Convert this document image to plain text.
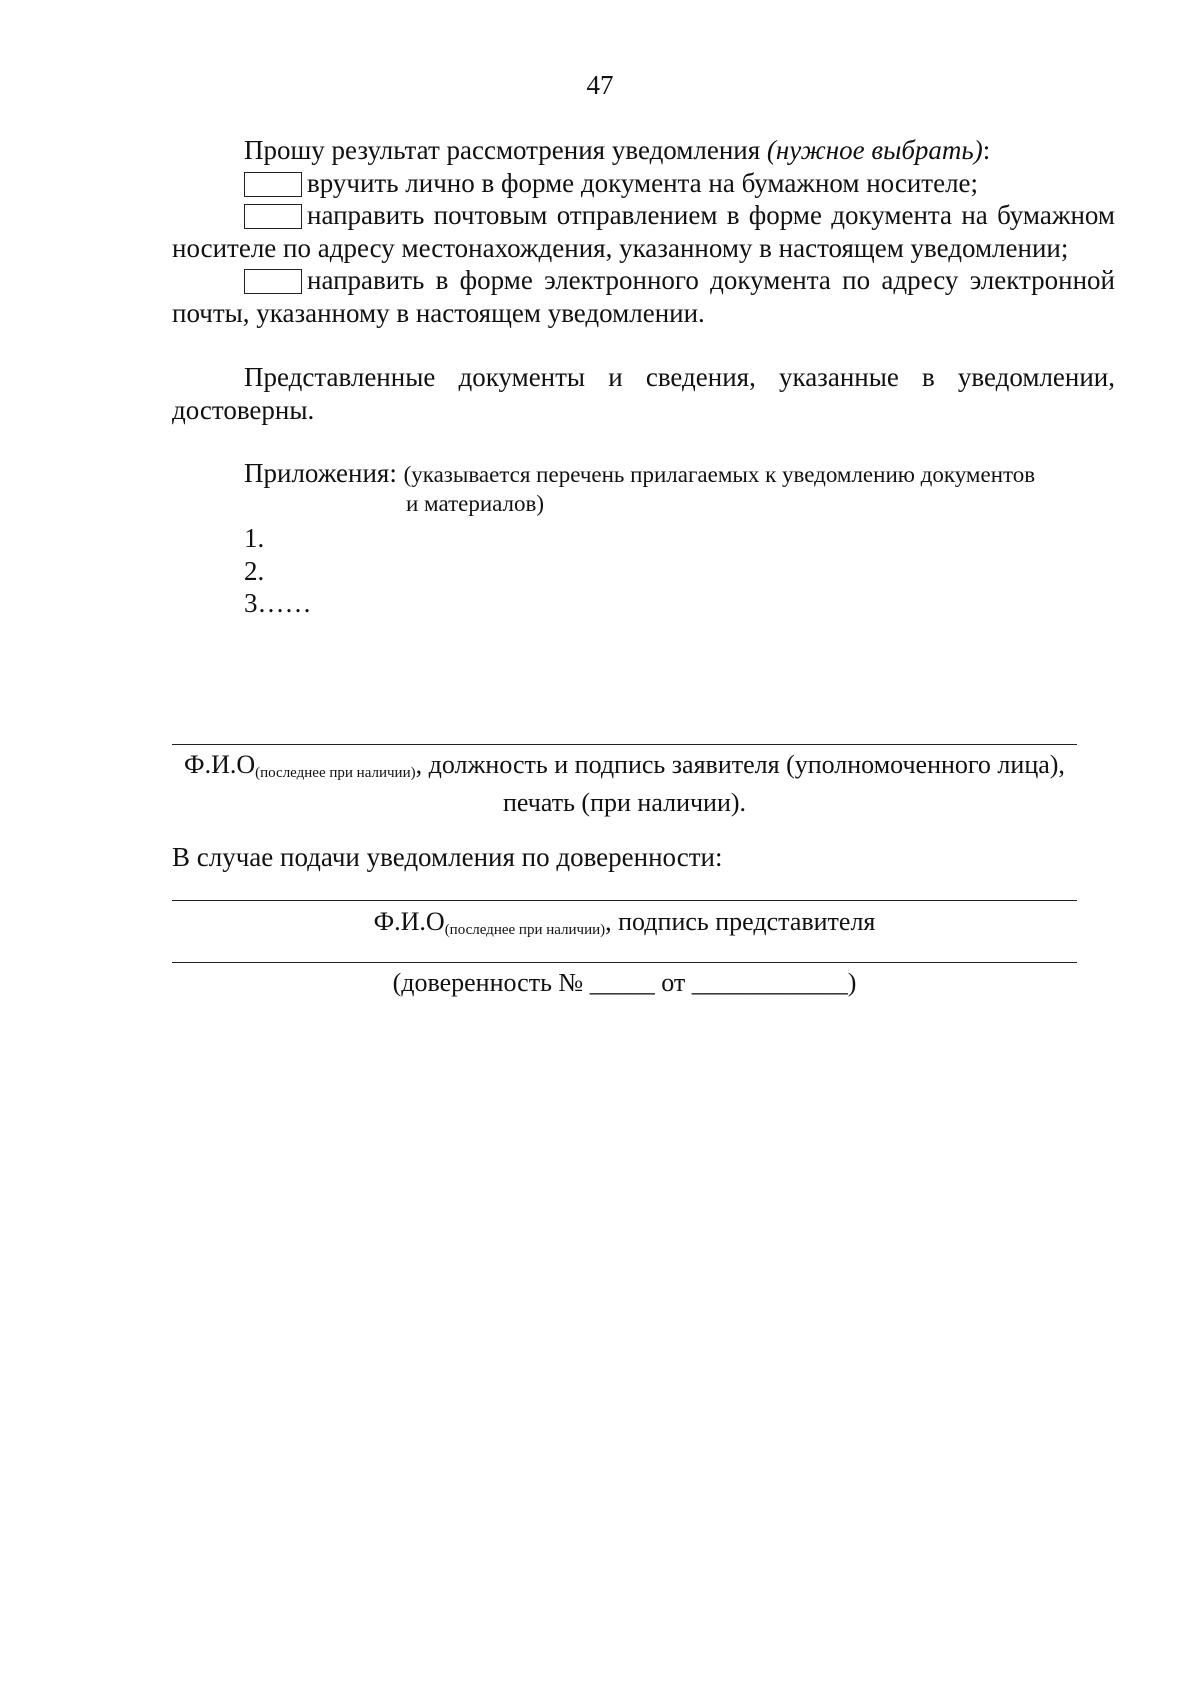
47

Прошу результат рассмотрения уведомления (нужное выбрать):

вручить лично в форме документа на бумажном носителе;

направить почтовым отправлением в форме документа на бумажном носителе по адресу местонахождения, указанному в настоящем уведомлении;

направить в форме электронного документа по адресу электронной почты, указанному в настоящем уведомлении.

Представленные документы и сведения, указанные в уведомлении, достоверны.

Приложения: (указывается перечень прилагаемых к уведомлению документов
и материалов)
1.
2.
3……
Ф.И.О(последнее при наличии), должность и подпись заявителя (уполномоченного лица),
печать (при наличии).
В случае подачи уведомления по доверенности:
Ф.И.О(последнее при наличии), подпись представителя
(доверенность № _____ от ____________)
